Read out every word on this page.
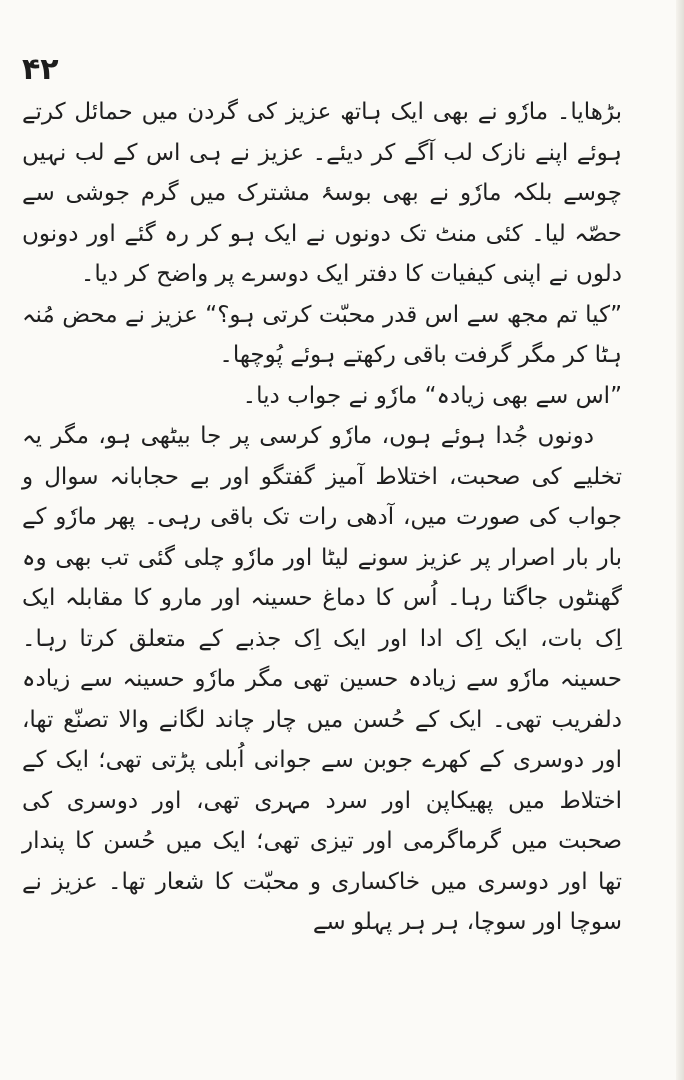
۴۲

بڑھایا۔ مارٗو نے بھی ایک ہاتھ عزیز کی گردن میں حمائل کرتے ہوئے اپنے نازک لب آگے کر دیئے۔ عزیز نے ہی اس کے لب نہیں چوسے بلکہ مارٗو نے بھی بوسۂ مشترک میں گرم جوشی سے حصّہ لیا۔ کئی منٹ تک دونوں نے ایک ہو کر رہ گئے اور دونوں دلوں نے اپنی کیفیات کا دفتر ایک دوسرے پر واضح کر دیا۔

”کیا تم مجھ سے اس قدر محبّت کرتی ہو؟“ عزیز نے محض مُنہ ہٹا کر مگر گرفت باقی رکھتے ہوئے پُوچھا۔

”اس سے بھی زیادہ“ مارٗو نے جواب دیا۔

دونوں جُدا ہوئے ہوں، مارٗو کرسی پر جا بیٹھی ہو، مگر یہ تخلیے کی صحبت، اختلاط آمیز گفتگو اور بے حجابانہ سوال و جواب کی صورت میں، آدھی رات تک باقی رہی۔ پھر مارٗو کے بار بار اصرار پر عزیز سونے لیٹا اور مارٗو چلی گئی تب بھی وہ گھنٹوں جاگتا رہا۔ اُس کا دماغ حسینہ اور مارو کا مقابلہ ایک اِک بات، ایک اِک ادا اور ایک اِک جذبے کے متعلق کرتا رہا۔ حسینہ مارٗو سے زیادہ حسین تھی مگر مارٗو حسینہ سے زیادہ دلفریب تھی۔ ایک کے حُسن میں چار چاند لگانے والا تصنّع تھا، اور دوسری کے کھرے جوبن سے جوانی اُبلی پڑتی تھی؛ ایک کے اختلاط میں پھیکاپن اور سرد مہری تھی، اور دوسری کی صحبت میں گرماگرمی اور تیزی تھی؛ ایک میں حُسن کا پندار تھا اور دوسری میں خاکساری و محبّت کا شعار تھا۔ عزیز نے سوچا اور سوچا، ہر ہر پہلو سے
